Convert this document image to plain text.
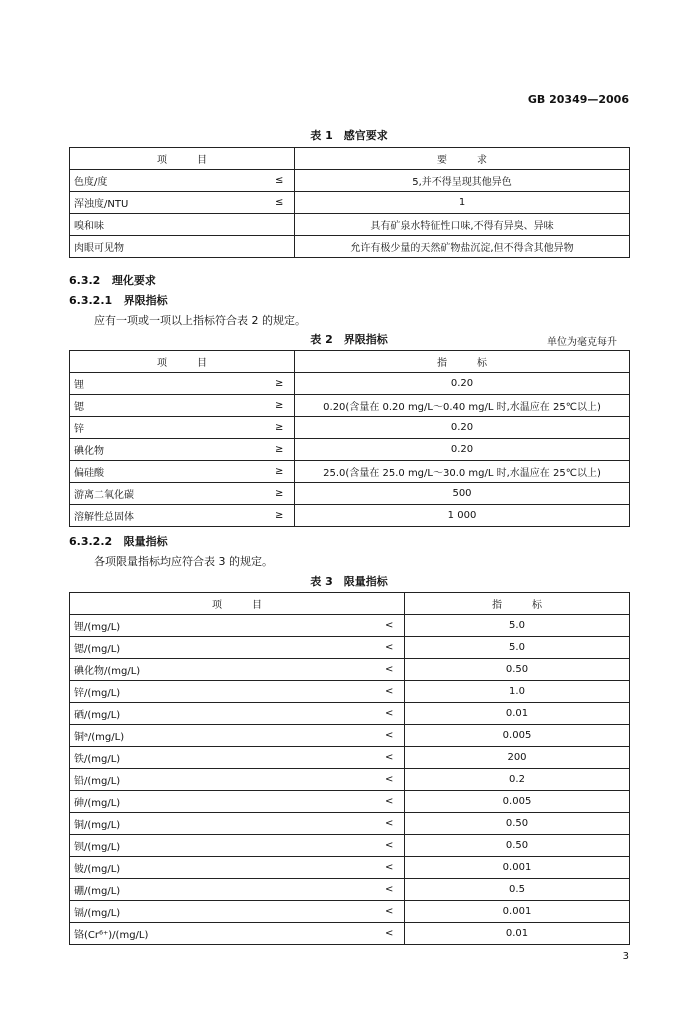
GB 20349—2006
表 1　感官要求
项　　　目		要　　　求
色度/度	≤	5,并不得呈现其他异色
浑浊度/NTU	≤	1
嗅和味		具有矿泉水特征性口味,不得有异臭、异味
肉眼可见物		允许有极少量的天然矿物盐沉淀,但不得含其他异物
6.3.2 理化要求
6.3.2.1 界限指标
应有一项或一项以上指标符合表 2 的规定。
表 2　界限指标	单位为毫克每升
项　　　目		指　　　标
锂	≥	0.20
锶	≥	0.20(含量在 0.20 mg/L～0.40 mg/L 时,水温应在 25℃以上)
锌	≥	0.20
碘化物	≥	0.20
偏硅酸	≥	25.0(含量在 25.0 mg/L～30.0 mg/L 时,水温应在 25℃以上)
游离二氧化碳	≥	500
溶解性总固体	≥	1 000
6.3.2.2 限量指标
各项限量指标均应符合表 3 的规定。
表 3　限量指标
项　　　目		指　　　标
锂/(mg/L)	<	5.0
锶/(mg/L)	<	5.0
碘化物/(mg/L)	<	0.50
锌/(mg/L)	<	1.0
硒/(mg/L)	<	0.01
铜ᵃ/(mg/L)	<	0.005
铁/(mg/L)	<	200
铅/(mg/L)	<	0.2
砷/(mg/L)	<	0.005
铜/(mg/L)	<	0.50
钡/(mg/L)	<	0.50
铍/(mg/L)	<	0.001
硼/(mg/L)	<	0.5
镉/(mg/L)	<	0.001
铬(Cr⁶⁺)/(mg/L)	<	0.01
3
